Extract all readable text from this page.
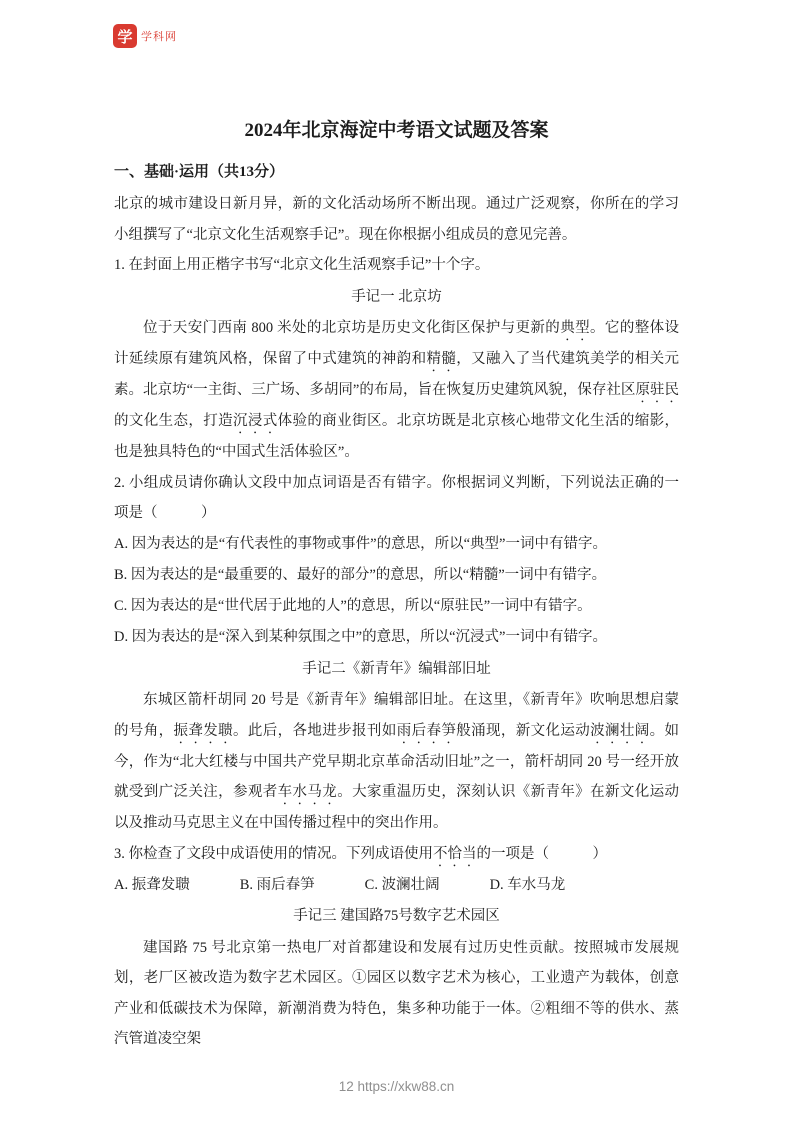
学 学科网
2024年北京海淀中考语文试题及答案
一、基础·运用（共13分）

北京的城市建设日新月异，新的文化活动场所不断出现。通过广泛观察，你所在的学习小组撰写了“北京文化生活观察手记”。现在你根据小组成员的意见完善。

1. 在封面上用正楷字书写“北京文化生活观察手记”十个字。

手记一 北京坊

位于天安门西南 800 米处的北京坊是历史文化街区保护与更新的典型。它的整体设计延续原有建筑风格，保留了中式建筑的神韵和精髓，又融入了当代建筑美学的相关元素。北京坊“一主街、三广场、多胡同”的布局，旨在恢复历史建筑风貌，保存社区原驻民的文化生态，打造沉浸式体验的商业街区。北京坊既是北京核心地带文化生活的缩影，也是独具特色的“中国式生活体验区”。

2. 小组成员请你确认文段中加点词语是否有错字。你根据词义判断，下列说法正确的一项是（　　　）

A. 因为表达的是“有代表性的事物或事件”的意思，所以“典型”一词中有错字。
B. 因为表达的是“最重要的、最好的部分”的意思，所以“精髓”一词中有错字。
C. 因为表达的是“世代居于此地的人”的意思，所以“原驻民”一词中有错字。
D. 因为表达的是“深入到某种氛围之中”的意思，所以“沉浸式”一词中有错字。

手记二《新青年》编辑部旧址

东城区箭杆胡同 20 号是《新青年》编辑部旧址。在这里，《新青年》吹响思想启蒙的号角，振聋发聩。此后，各地进步报刊如雨后春笋般涌现，新文化运动波澜壮阔。如今，作为“北大红楼与中国共产党早期北京革命活动旧址”之一，箭杆胡同 20 号一经开放就受到广泛关注，参观者车水马龙。大家重温历史，深刻认识《新青年》在新文化运动以及推动马克思主义在中国传播过程中的突出作用。

3. 你检查了文段中成语使用的情况。下列成语使用不恰当的一项是（　　　）

A. 振聋发聩	B. 雨后春笋	C. 波澜壮阔	D. 车水马龙

手记三 建国路75号数字艺术园区

建国路 75 号北京第一热电厂对首都建设和发展有过历史性贡献。按照城市发展规划，老厂区被改造为数字艺术园区。①园区以数字艺术为核心，工业遗产为载体，创意产业和低碳技术为保障，新潮消费为特色，集多种功能于一体。②粗细不等的供水、蒸汽管道凌空架

12 https://xkw88.cn
